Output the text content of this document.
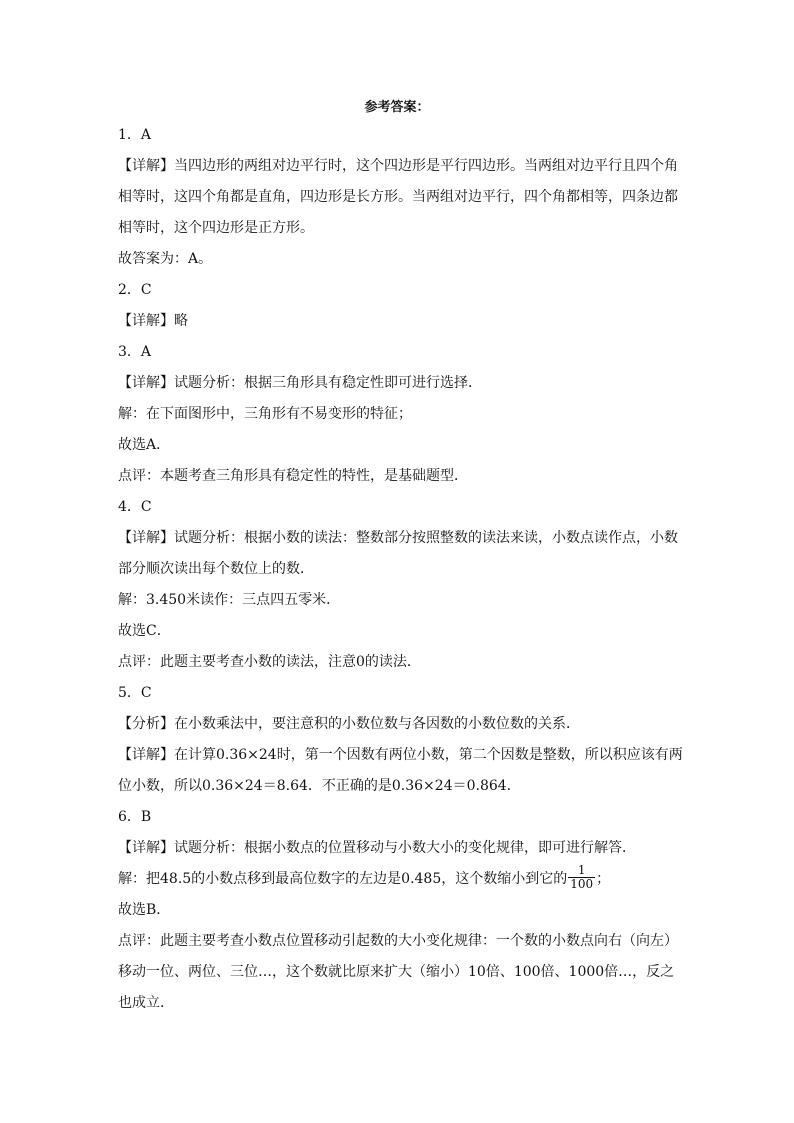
参考答案：
1．A
【详解】当四边形的两组对边平行时，这个四边形是平行四边形。当两组对边平行且四个角
相等时，这四个角都是直角，四边形是长方形。当两组对边平行，四个角都相等，四条边都
相等时，这个四边形是正方形。
故答案为：A。
2．C
【详解】略
3．A
【详解】试题分析：根据三角形具有稳定性即可进行选择．
解：在下面图形中，三角形有不易变形的特征；
故选A．
点评：本题考查三角形具有稳定性的特性，是基础题型．
4．C
【详解】试题分析：根据小数的读法：整数部分按照整数的读法来读，小数点读作点，小数
部分顺次读出每个数位上的数．
解：3.450米读作：三点四五零米．
故选C．
点评：此题主要考查小数的读法，注意0的读法．
5．C
【分析】在小数乘法中，要注意积的小数位数与各因数的小数位数的关系．
【详解】在计算0.36×24时，第一个因数有两位小数，第二个因数是整数，所以积应该有两
位小数，所以0.36×24＝8.64．不正确的是0.36×24＝0.864．
6．B
【详解】试题分析：根据小数点的位置移动与小数大小的变化规律，即可进行解答．
解：把48.5的小数点移到最高位数字的左边是0.485，这个数缩小到它的 $\frac{1}{100}$ ；
故选B．
点评：此题主要考查小数点位置移动引起数的大小变化规律：一个数的小数点向右（向左）
移动一位、两位、三位…，这个数就比原来扩大（缩小）10倍、100倍、1000倍…，反之
也成立．
